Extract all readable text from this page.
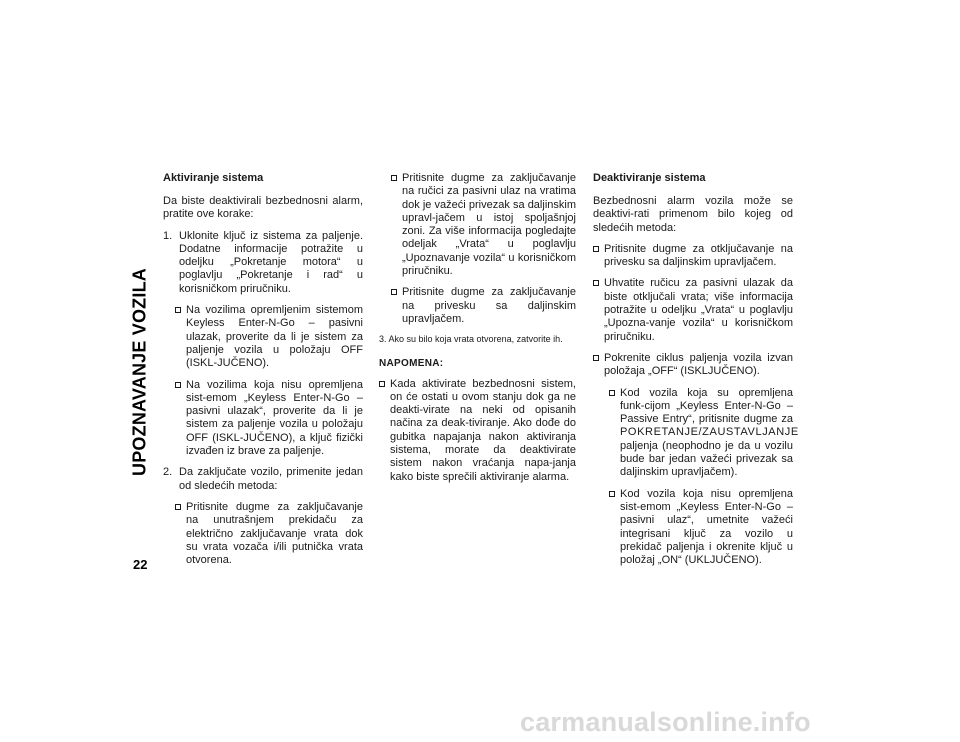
UPOZNAVANJE VOZILA
22
Aktiviranje sistema

Da biste deaktivirali bezbednosni alarm, pratite ove korake:

1. Uklonite ključ iz sistema za paljenje. Dodatne informacije potražite u odeljku „Pokretanje motora“ u poglavlju „Pokretanje i rad“ u korisničkom priručniku.
Na vozilima opremljenim sistemom Keyless Enter-N-Go – pasivni ulazak, proverite da li je sistem za paljenje vozila u položaju OFF (ISKL-JUČENO).
Na vozilima koja nisu opremljena sist-emom „Keyless Enter-N-Go – pasivni ulazak“, proverite da li je sistem za paljenje vozila u položaju OFF (ISKL-JUČENO), a ključ fizički izvađen iz brave za paljenje.
2. Da zaključate vozilo, primenite jedan od sledećih metoda:
Pritisnite dugme za zaključavanje na unutrašnjem prekidaču za električno zaključavanje vrata dok su vrata vozača i/ili putnička vrata otvorena.
Pritisnite dugme za zaključavanje na ručici za pasivni ulaz na vratima dok je važeći privezak sa daljinskim upravl-jačem u istoj spoljašnjoj zoni. Za više informacija pogledajte odeljak „Vrata“ u poglavlju „Upoznavanje vozila“ u korisničkom priručniku.
Pritisnite dugme za zaključavanje na privesku sa daljinskim upravljačem.

3. Ako su bilo koja vrata otvorena, zatvorite ih.

NAPOMENA:
Kada aktivirate bezbednosni sistem, on će ostati u ovom stanju dok ga ne deakti-virate na neki od opisanih načina za deak-tiviranje. Ako dođe do gubitka napajanja nakon aktiviranja sistema, morate da deaktivirate sistem nakon vraćanja napa-janja kako biste sprečili aktiviranje alarma.
Deaktiviranje sistema

Bezbednosni alarm vozila može se deaktivi-rati primenom bilo kojeg od sledećih metoda:

Pritisnite dugme za otključavanje na privesku sa daljinskim upravljačem.
Uhvatite ručicu za pasivni ulazak da biste otključali vrata; više informacija potražite u odeljku „Vrata“ u poglavlju „Upozna-vanje vozila“ u korisničkom priručniku.
Pokrenite ciklus paljenja vozila izvan položaja „OFF“ (ISKLJUČENO).
Kod vozila koja su opremljena funk-cijom „Keyless Enter-N-Go – Passive Entry“, pritisnite dugme za POKRETANJE/ZAUSTAVLJANJE paljenja (neophodno je da u vozilu bude bar jedan važeći privezak sa daljinskim upravljačem).
Kod vozila koja nisu opremljena sist-emom „Keyless Enter-N-Go – pasivni ulaz“, umetnite važeći integrisani ključ za vozilo u prekidač paljenja i okrenite ključ u položaj „ON“ (UKLJUČENO).
carmanualsonline.info
